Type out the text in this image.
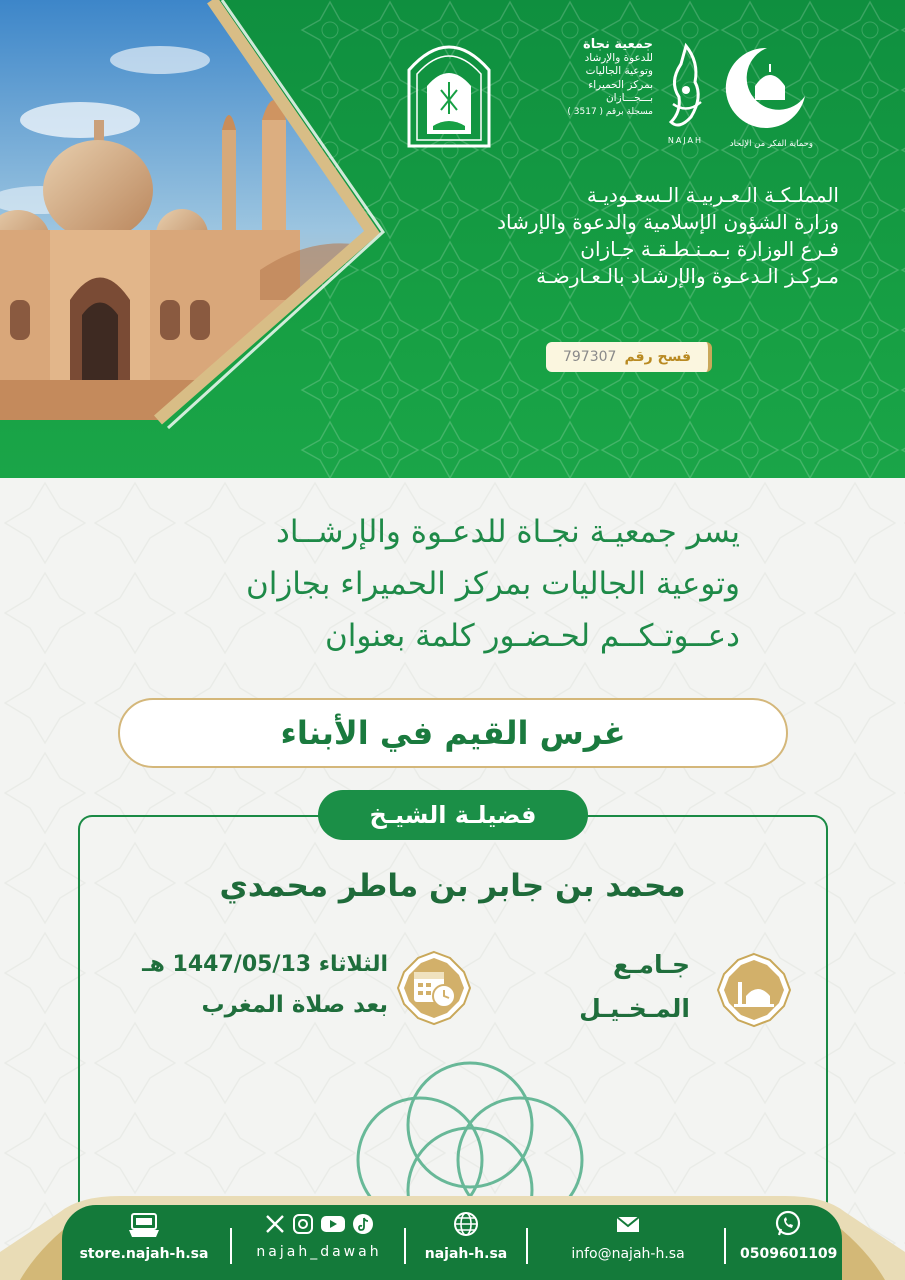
وحماية الفكر من الإلحاد
NAJAH
جمعية نجاة
للدعوة والإرشاد
وتوعية الجاليات
بمركز الحميراء
بـــجـــازان
مسجلة برقم ( 3517 )
المملـكـة الـعـربيـة الـسعـوديـة
وزارة الشؤون الإسلامية والدعوة والإرشاد
فـرع الوزارة بـمـنـطـقـة جـازان
مـركـز الـدعـوة والإرشـاد بالـعـارضـة
فسح رقم
797307
يسر جمعيـة نجـاة للدعـوة والإرشــاد
وتوعية الجاليات بمركز الحميراء بجازان
دعــوتـكــم لحـضـور كلمة بعنوان
غرس القيم في الأبناء
فضيلـة الشيـخ
محمد بن جابر بن ماطر محمدي
جـامـع
المـخـيـل
الثلاثاء 1447/05/13 هـ
بعد صلاة المغرب
0509601109
info@najah-h.sa
najah-h.sa
najah_dawah
store.najah-h.sa
